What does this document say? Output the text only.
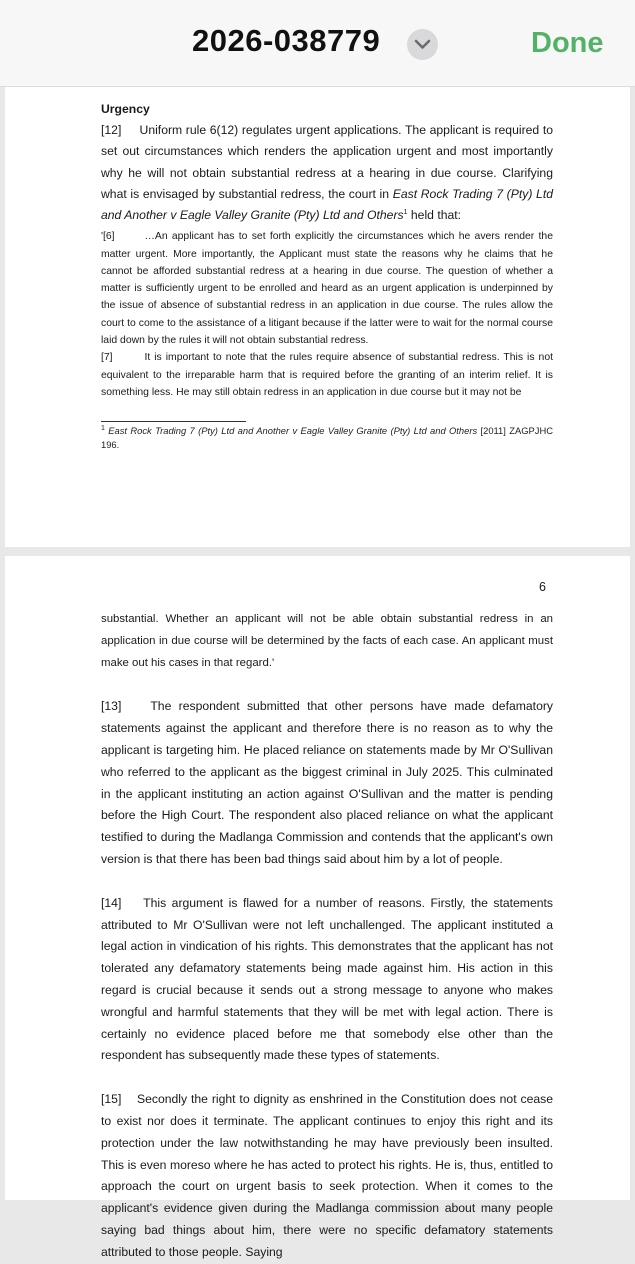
2026-038779	Done

Urgency

[12] Uniform rule 6(12) regulates urgent applications. The applicant is required to set out circumstances which renders the application urgent and most importantly why he will not obtain substantial redress at a hearing in due course. Clarifying what is envisaged by substantial redress, the court in East Rock Trading 7 (Pty) Ltd and Another v Eagle Valley Granite (Pty) Ltd and Others$^1$ held that:

'[6]	…An applicant has to set forth explicitly the circumstances which he avers render the matter urgent. More importantly, the Applicant must state the reasons why he claims that he cannot be afforded substantial redress at a hearing in due course. The question of whether a matter is sufficiently urgent to be enrolled and heard as an urgent application is underpinned by the issue of absence of substantial redress in an application in due course. The rules allow the court to come to the assistance of a litigant because if the latter were to wait for the normal course laid down by the rules it will not obtain substantial redress.

[7]	It is important to note that the rules require absence of substantial redress. This is not equivalent to the irreparable harm that is required before the granting of an interim relief. It is something less. He may still obtain redress in an application in due course but it may not be

$^1$ East Rock Trading 7 (Pty) Ltd and Another v Eagle Valley Granite (Pty) Ltd and Others [2011] ZAGPJHC 196.
6

substantial. Whether an applicant will not be able obtain substantial redress in an application in due course will be determined by the facts of each case. An applicant must make out his cases in that regard.'

[13] The respondent submitted that other persons have made defamatory statements against the applicant and therefore there is no reason as to why the applicant is targeting him. He placed reliance on statements made by Mr O'Sullivan who referred to the applicant as the biggest criminal in July 2025. This culminated in the applicant instituting an action against O'Sullivan and the matter is pending before the High Court. The respondent also placed reliance on what the applicant testified to during the Madlanga Commission and contends that the applicant's own version is that there has been bad things said about him by a lot of people.

[14] This argument is flawed for a number of reasons. Firstly, the statements attributed to Mr O'Sullivan were not left unchallenged. The applicant instituted a legal action in vindication of his rights. This demonstrates that the applicant has not tolerated any defamatory statements being made against him. His action in this regard is crucial because it sends out a strong message to anyone who makes wrongful and harmful statements that they will be met with legal action. There is certainly no evidence placed before me that somebody else other than the respondent has subsequently made these types of statements.

[15] Secondly the right to dignity as enshrined in the Constitution does not cease to exist nor does it terminate. The applicant continues to enjoy this right and its protection under the law notwithstanding he may have previously been insulted. This is even moreso where he has acted to protect his rights. He is, thus, entitled to approach the court on urgent basis to seek protection. When it comes to the applicant's evidence given during the Madlanga commission about many people saying bad things about him, there were no specific defamatory statements attributed to those people. Saying
